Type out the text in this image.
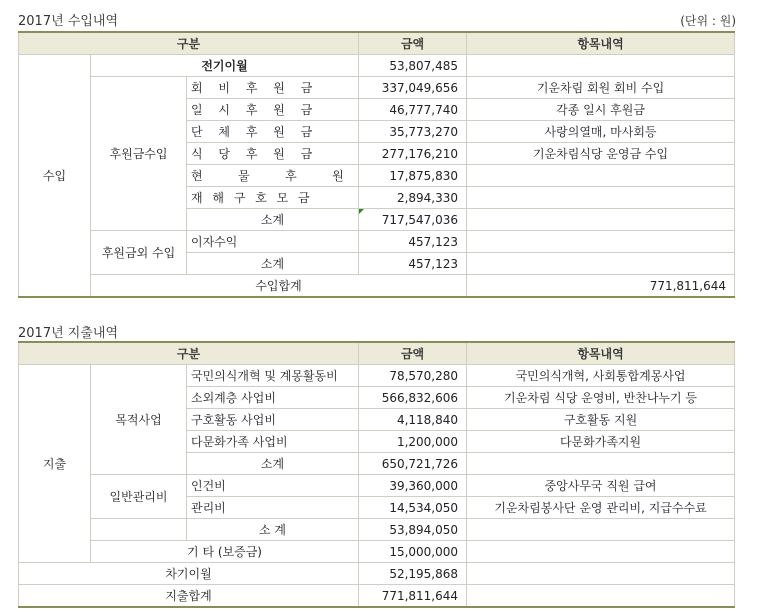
2017년 수입내역	(단위 : 원)
구분			금액	항목내역	
수입	전기이월		53,807,485		
	후원금수입	회 비 후 원 금	337,049,656	기운차림 회원 회비 수입	
		일 시 후 원 금	46,777,740	각종 일시 후원금	
		단 체 후 원 금	35,773,270	사랑의열매, 마사회등	
		식 당 후 원 금	277,176,210	기운차림식당 운영금 수입	
		현   물   후   원	17,875,830		
		재 해 구 호 모 금	2,894,330		
		소계	717,547,036		
	후원금외 수입	이자수익	457,123		
		소계	457,123		
	수입합계			771,811,644	
2017년 지출내역
구분			금액	항목내역
지출	목적사업	국민의식개혁 및 계몽활동비	78,570,280	국민의식개혁, 사회통합계몽사업
		소외계층 사업비	566,832,606	기운차림 식당 운영비, 반찬나누기 등
		구호활동 사업비	4,118,840	구호활동 지원
		다문화가족 사업비	1,200,000	다문화가족지원
		소계	650,721,726	
	일반관리비	인건비	39,360,000	중앙사무국 직원 급여
		관리비	14,534,050	기운차림봉사단 운영 관리비, 지급수수료
		소 계	53,894,050	
	기 타 (보증금)		15,000,000	
차기이월			52,195,868	
지출합계			771,811,644	
